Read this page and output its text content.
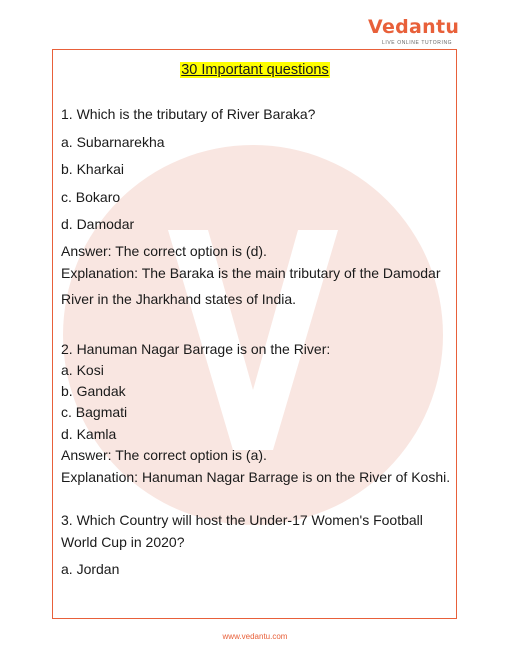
Vedantu
LIVE ONLINE TUTORING
30 Important questions
1. Which is the tributary of River Baraka?
a. Subarnarekha
b. Kharkai
c. Bokaro
d. Damodar
Answer: The correct option is (d).
Explanation: The Baraka is the main tributary of the Damodar
River in the Jharkhand states of India.
2. Hanuman Nagar Barrage is on the River:
a. Kosi
b. Gandak
c. Bagmati
d. Kamla
Answer: The correct option is (a).
Explanation: Hanuman Nagar Barrage is on the River of Koshi.
3. Which Country will host the Under-17 Women's Football
World Cup in 2020?
a. Jordan
www.vedantu.com
